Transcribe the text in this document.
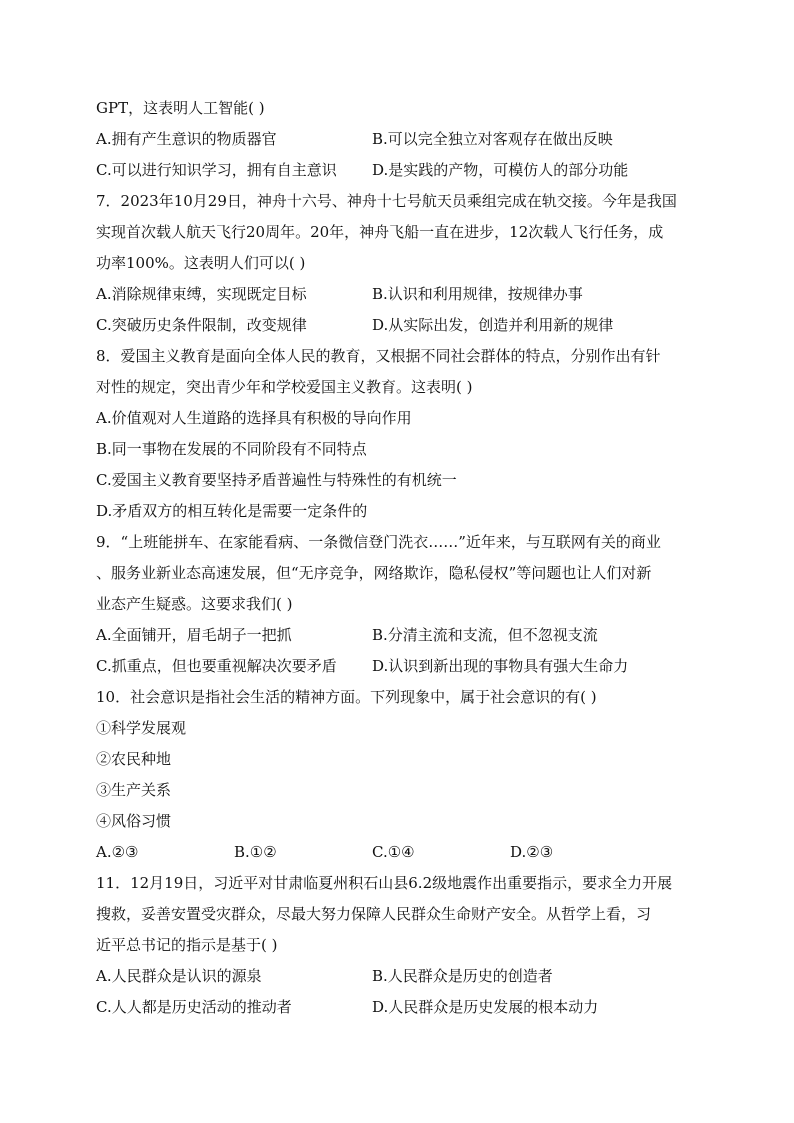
GPT，这表明人工智能( )
A.拥有产生意识的物质器官	B.可以完全独立对客观存在做出反映
C.可以进行知识学习，拥有自主意识	D.是实践的产物，可模仿人的部分功能
7．2023年10月29日，神舟十六号、神舟十七号航天员乘组完成在轨交接。今年是我国
实现首次载人航天飞行20周年。20年，神舟飞船一直在进步，12次载人飞行任务，成
功率100%。这表明人们可以( )
A.消除规律束缚，实现既定目标	B.认识和利用规律，按规律办事
C.突破历史条件限制，改变规律	D.从实际出发，创造并利用新的规律
8．爱国主义教育是面向全体人民的教育，又根据不同社会群体的特点，分别作出有针
对性的规定，突出青少年和学校爱国主义教育。这表明( )
A.价值观对人生道路的选择具有积极的导向作用
B.同一事物在发展的不同阶段有不同特点
C.爱国主义教育要坚持矛盾普遍性与特殊性的有机统一
D.矛盾双方的相互转化是需要一定条件的
9．“上班能拼车、在家能看病、一条微信登门洗衣……”近年来，与互联网有关的商业
、服务业新业态高速发展，但“无序竞争，网络欺诈，隐私侵权”等问题也让人们对新
业态产生疑惑。这要求我们( )
A.全面铺开，眉毛胡子一把抓	B.分清主流和支流，但不忽视支流
C.抓重点，但也要重视解决次要矛盾	D.认识到新出现的事物具有强大生命力
10．社会意识是指社会生活的精神方面。下列现象中，属于社会意识的有( )
①科学发展观
②农民种地
③生产关系
④风俗习惯
A.②③	B.①②	C.①④	D.②③
11．12月19日，习近平对甘肃临夏州积石山县6.2级地震作出重要指示，要求全力开展
搜救，妥善安置受灾群众，尽最大努力保障人民群众生命财产安全。从哲学上看，习
近平总书记的指示是基于( )
A.人民群众是认识的源泉	B.人民群众是历史的创造者
C.人人都是历史活动的推动者	D.人民群众是历史发展的根本动力
